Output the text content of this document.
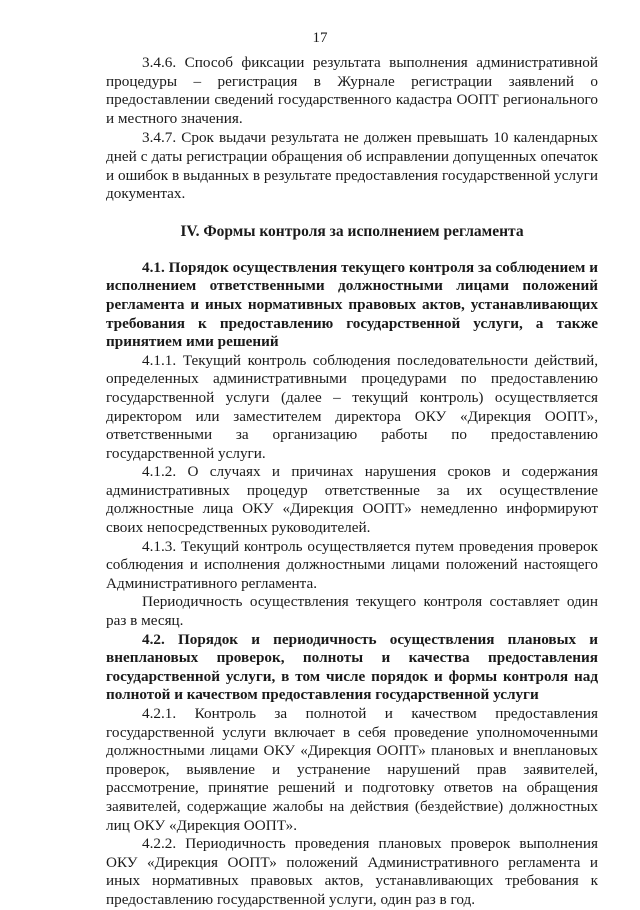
17

3.4.6. Способ фиксации результата выполнения административной процедуры – регистрация в Журнале регистрации заявлений о предоставлении сведений государственного кадастра ООПТ регионального и местного значения.

3.4.7. Срок выдачи результата не должен превышать 10 календарных дней с даты регистрации обращения об исправлении допущенных опечаток и ошибок в выданных в результате предоставления государственной услуги документах.

IV. Формы контроля за исполнением регламента

4.1. Порядок осуществления текущего контроля за соблюдением и исполнением ответственными должностными лицами положений регламента и иных нормативных правовых актов, устанавливающих требования к предоставлению государственной услуги, а также принятием ими решений

4.1.1. Текущий контроль соблюдения последовательности действий, определенных административными процедурами по предоставлению государственной услуги (далее – текущий контроль) осуществляется директором или заместителем директора ОКУ «Дирекция ООПТ», ответственными за организацию работы по предоставлению государственной услуги.

4.1.2. О случаях и причинах нарушения сроков и содержания административных процедур ответственные за их осуществление должностные лица ОКУ «Дирекция ООПТ» немедленно информируют своих непосредственных руководителей.

4.1.3. Текущий контроль осуществляется путем проведения проверок соблюдения и исполнения должностными лицами положений настоящего Административного регламента.

Периодичность осуществления текущего контроля составляет один раз в месяц.

4.2. Порядок и периодичность осуществления плановых и внеплановых проверок, полноты и качества предоставления государственной услуги, в том числе порядок и формы контроля над полнотой и качеством предоставления государственной услуги

4.2.1. Контроль за полнотой и качеством предоставления государственной услуги включает в себя проведение уполномоченными должностными лицами ОКУ «Дирекция ООПТ» плановых и внеплановых проверок, выявление и устранение нарушений прав заявителей, рассмотрение, принятие решений и подготовку ответов на обращения заявителей, содержащие жалобы на действия (бездействие) должностных лиц ОКУ «Дирекция ООПТ».

4.2.2. Периодичность проведения плановых проверок выполнения ОКУ «Дирекция ООПТ» положений Административного регламента и иных нормативных правовых актов, устанавливающих требования к предоставлению государственной услуги, один раз в год.
